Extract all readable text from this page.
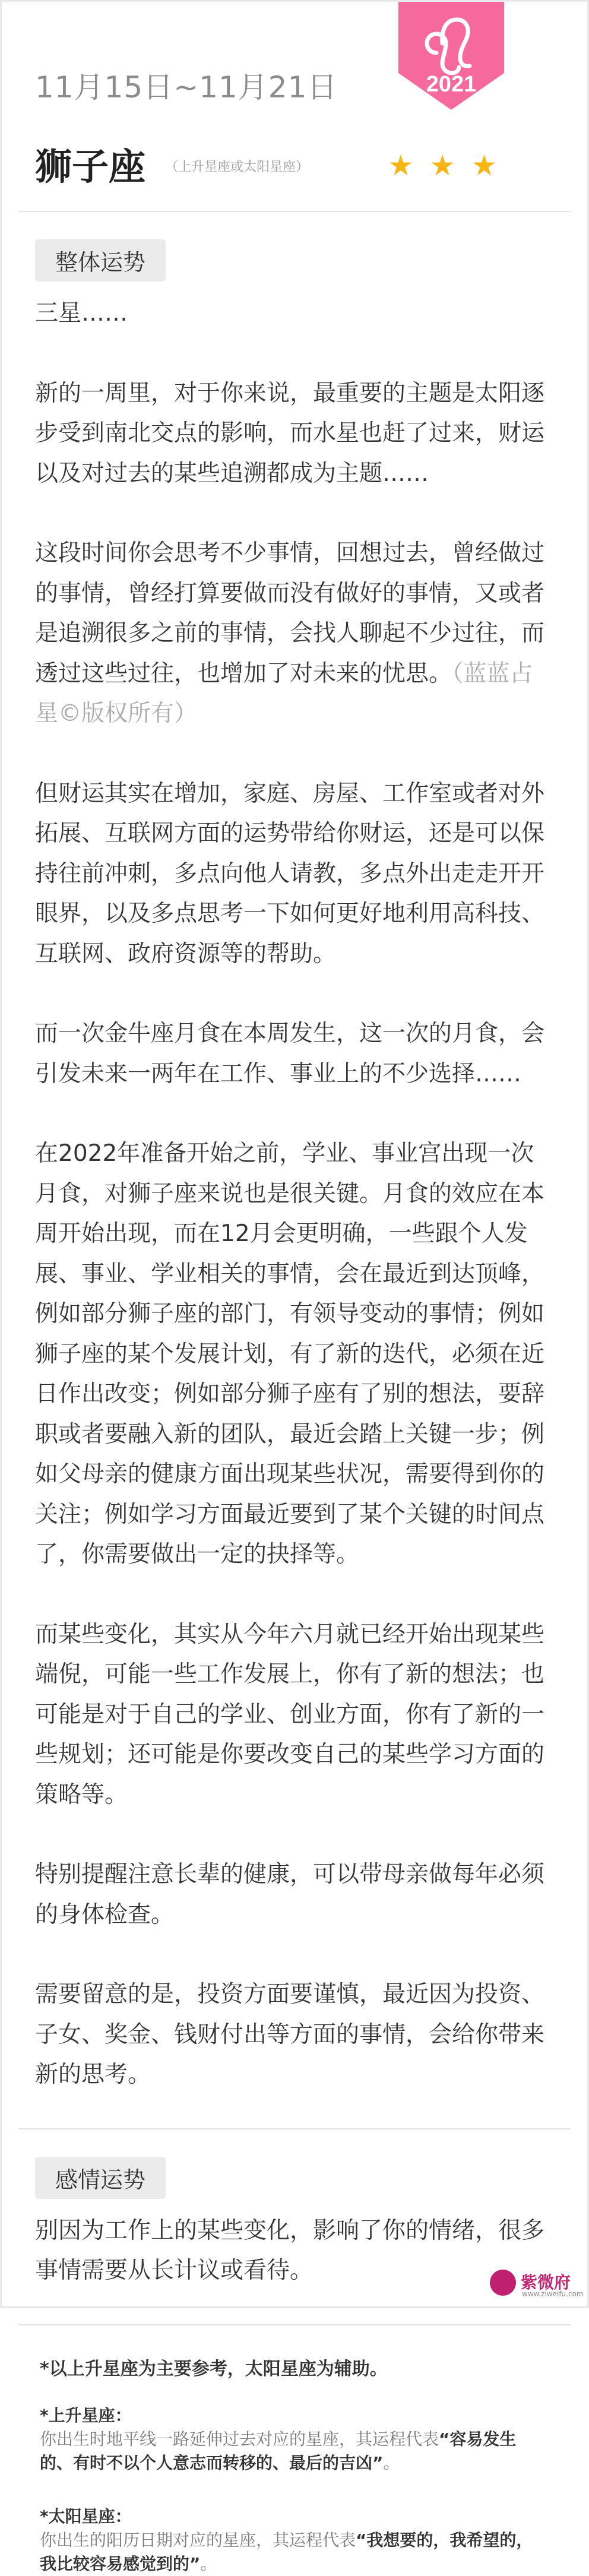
11月15日~11月21日	2021
狮子座 （上升星座或太阳星座）	★ ★ ★
整体运势

三星……

新的一周里，对于你来说，最重要的主题是太阳逐步受到南北交点的影响，而水星也赶了过来，财运以及对过去的某些追溯都成为主题……

这段时间你会思考不少事情，回想过去，曾经做过的事情，曾经打算要做而没有做好的事情，又或者是追溯很多之前的事情，会找人聊起不少过往，而透过这些过往，也增加了对未来的忧思。（蓝蓝占星©版权所有）

但财运其实在增加，家庭、房屋、工作室或者对外拓展、互联网方面的运势带给你财运，还是可以保持往前冲刺，多点向他人请教，多点外出走走开开眼界，以及多点思考一下如何更好地利用高科技、互联网、政府资源等的帮助。

而一次金牛座月食在本周发生，这一次的月食，会引发未来一两年在工作、事业上的不少选择……

在2022年准备开始之前，学业、事业宫出现一次月食，对狮子座来说也是很关键。月食的效应在本周开始出现，而在12月会更明确，一些跟个人发展、事业、学业相关的事情，会在最近到达顶峰，例如部分狮子座的部门，有领导变动的事情；例如狮子座的某个发展计划，有了新的迭代，必须在近日作出改变；例如部分狮子座有了别的想法，要辞职或者要融入新的团队，最近会踏上关键一步；例如父母亲的健康方面出现某些状况，需要得到你的关注；例如学习方面最近要到了某个关键的时间点了，你需要做出一定的抉择等。

而某些变化，其实从今年六月就已经开始出现某些端倪，可能一些工作发展上，你有了新的想法；也可能是对于自己的学业、创业方面，你有了新的一些规划；还可能是你要改变自己的某些学习方面的策略等。

特别提醒注意长辈的健康，可以带母亲做每年必须的身体检查。

需要留意的是，投资方面要谨慎，最近因为投资、子女、奖金、钱财付出等方面的事情，会给你带来新的思考。

感情运势

别因为工作上的某些变化，影响了你的情绪，很多事情需要从长计议或看待。

*以上升星座为主要参考，太阳星座为辅助。

*上升星座：

你出生时地平线一路延伸过去对应的星座，其运程代表“容易发生的、有时不以个人意志而转移的、最后的吉凶”。

*太阳星座：

你出生的阳历日期对应的星座，其运程代表“我想要的，我希望的，我比较容易感觉到的”。

紫微府
www.ziweifu.com
